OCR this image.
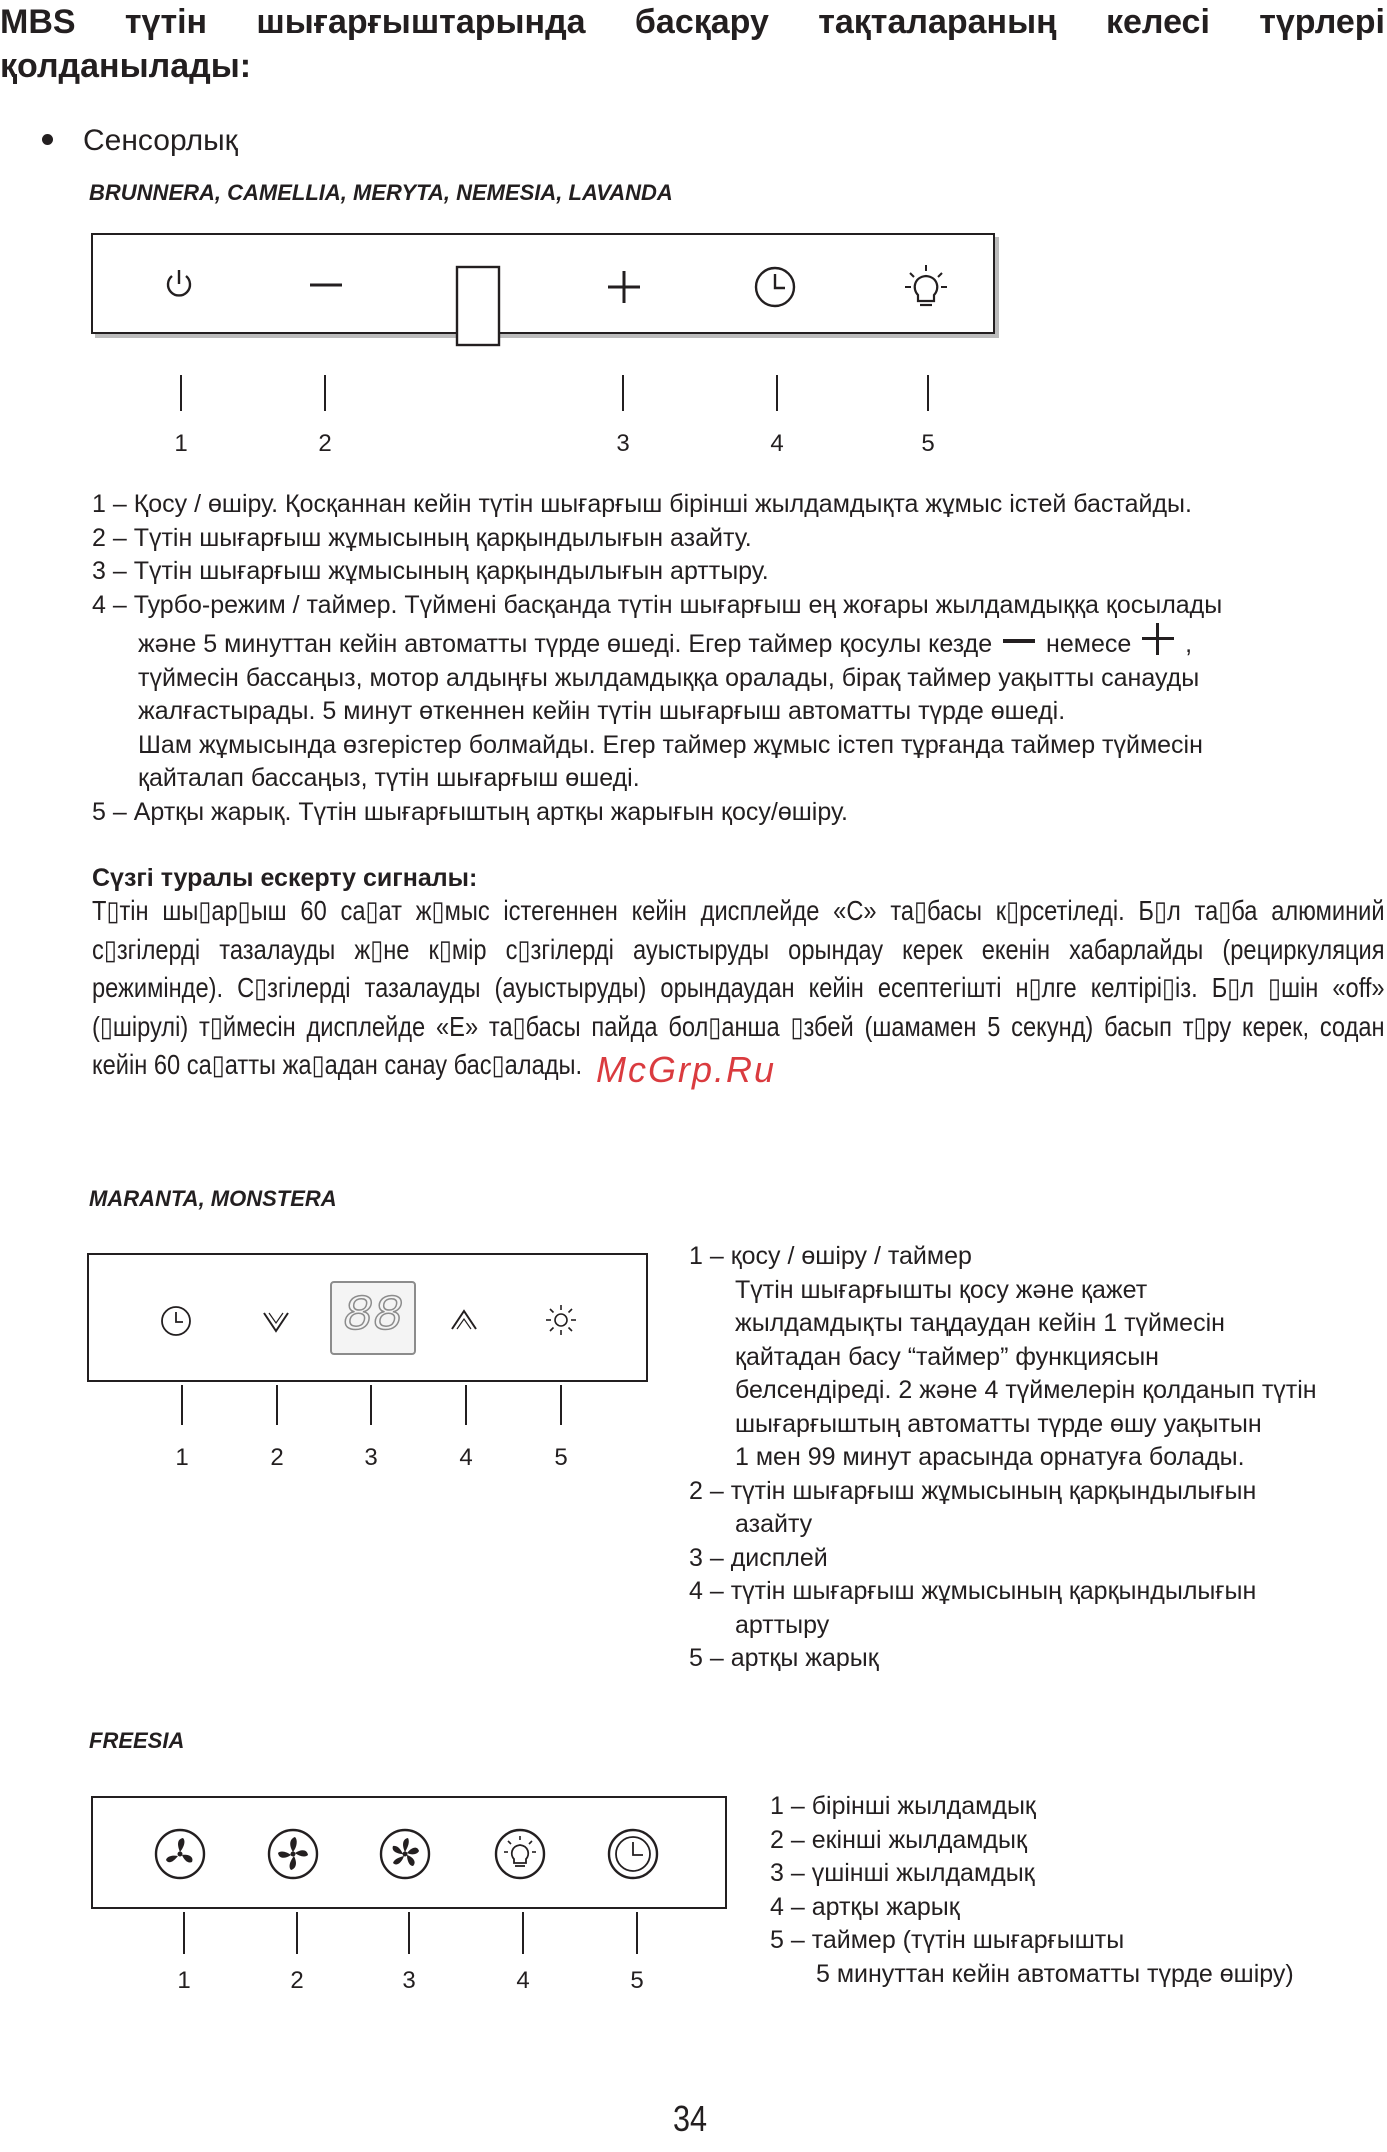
MBS түтін шығарғыштарында басқару тақталараның келесі түрлері қолданылады:
Сенсорлық
BRUNNERA, CAMELLIA, MERYTA, NEMESIA, LAVANDA
1	2	3	4	5

1 – Қосу / өшіру. Қосқаннан кейін түтін шығарғыш бірінші жылдамдықта жұмыс істей бастайды.

2 – Түтін шығарғыш жұмысының қарқындылығын азайту.

3 – Түтін шығарғыш жұмысының қарқындылығын арттыру.

4 – Турбо-режим / таймер. Түймені басқанда түтін шығарғыш ең жоғары жылдамдыққа қосылады

және 5 минуттан кейін автоматты түрде өшеді. Егер таймер қосулы кезде немесе ,

түймесін бассаңыз, мотор алдыңғы жылдамдыққа оралады, бірақ таймер уақытты санауды

жалғастырады. 5 минут өткеннен кейін түтін шығарғыш автоматты түрде өшеді.

Шам жұмысында өзгерістер болмайды. Егер таймер жұмыс істеп тұрғанда таймер түймесін

қайталап бассаңыз, түтін шығарғыш өшеді.

5 – Артқы жарық. Түтін шығарғыштың артқы жарығын қосу/өшіру.

Сүзгі туралы ескерту сигналы:
Т▯тін шы▯ар▯ыш 60 са▯ат ж▯мыс істегеннен кейін дисплейде «С» та▯басы к▯рсетіледі. Б▯л та▯ба алюминий с▯згілерді тазалауды ж▯не к▯мір с▯згілерді ауыстыруды орындау керек екенін хабарлайды (рециркуляция режимінде). С▯згілерді тазалауды (ауыстыруды) орындаудан кейін есептегішті н▯лге келтірі▯із. Б▯л ▯шін «off» (▯шірулі) т▯ймесін дисплейде «Е» та▯басы пайда бол▯анша ▯збей (шамамен 5 секунд) басып т▯ру керек, содан кейін 60 са▯атты жа▯адан санау бас▯алады. McGrp.Ru
MARANTA, MONSTERA
88
1	2	3	4	5

1 – қосу / өшіру / таймер

Түтін шығарғышты қосу және қажет

жылдамдықты таңдаудан кейін 1 түймесін

қайтадан басу “таймер” функциясын

белсендіреді. 2 және 4 түймелерін қолданып түтін

шығарғыштың автоматты түрде өшу уақытын

1 мен 99 минут арасында орнатуға болады.

2 – түтін шығарғыш жұмысының қарқындылығын

азайту

3 – дисплей

4 – түтін шығарғыш жұмысының қарқындылығын

арттыру

5 – артқы жарық

FREESIA
1	2	3	4	5

1 – бірінші жылдамдық

2 – екінші жылдамдық

3 – үшінші жылдамдық

4 – артқы жарық

5 – таймер (түтін шығарғышты

5 минуттан кейін автоматты түрде өшіру)

34
